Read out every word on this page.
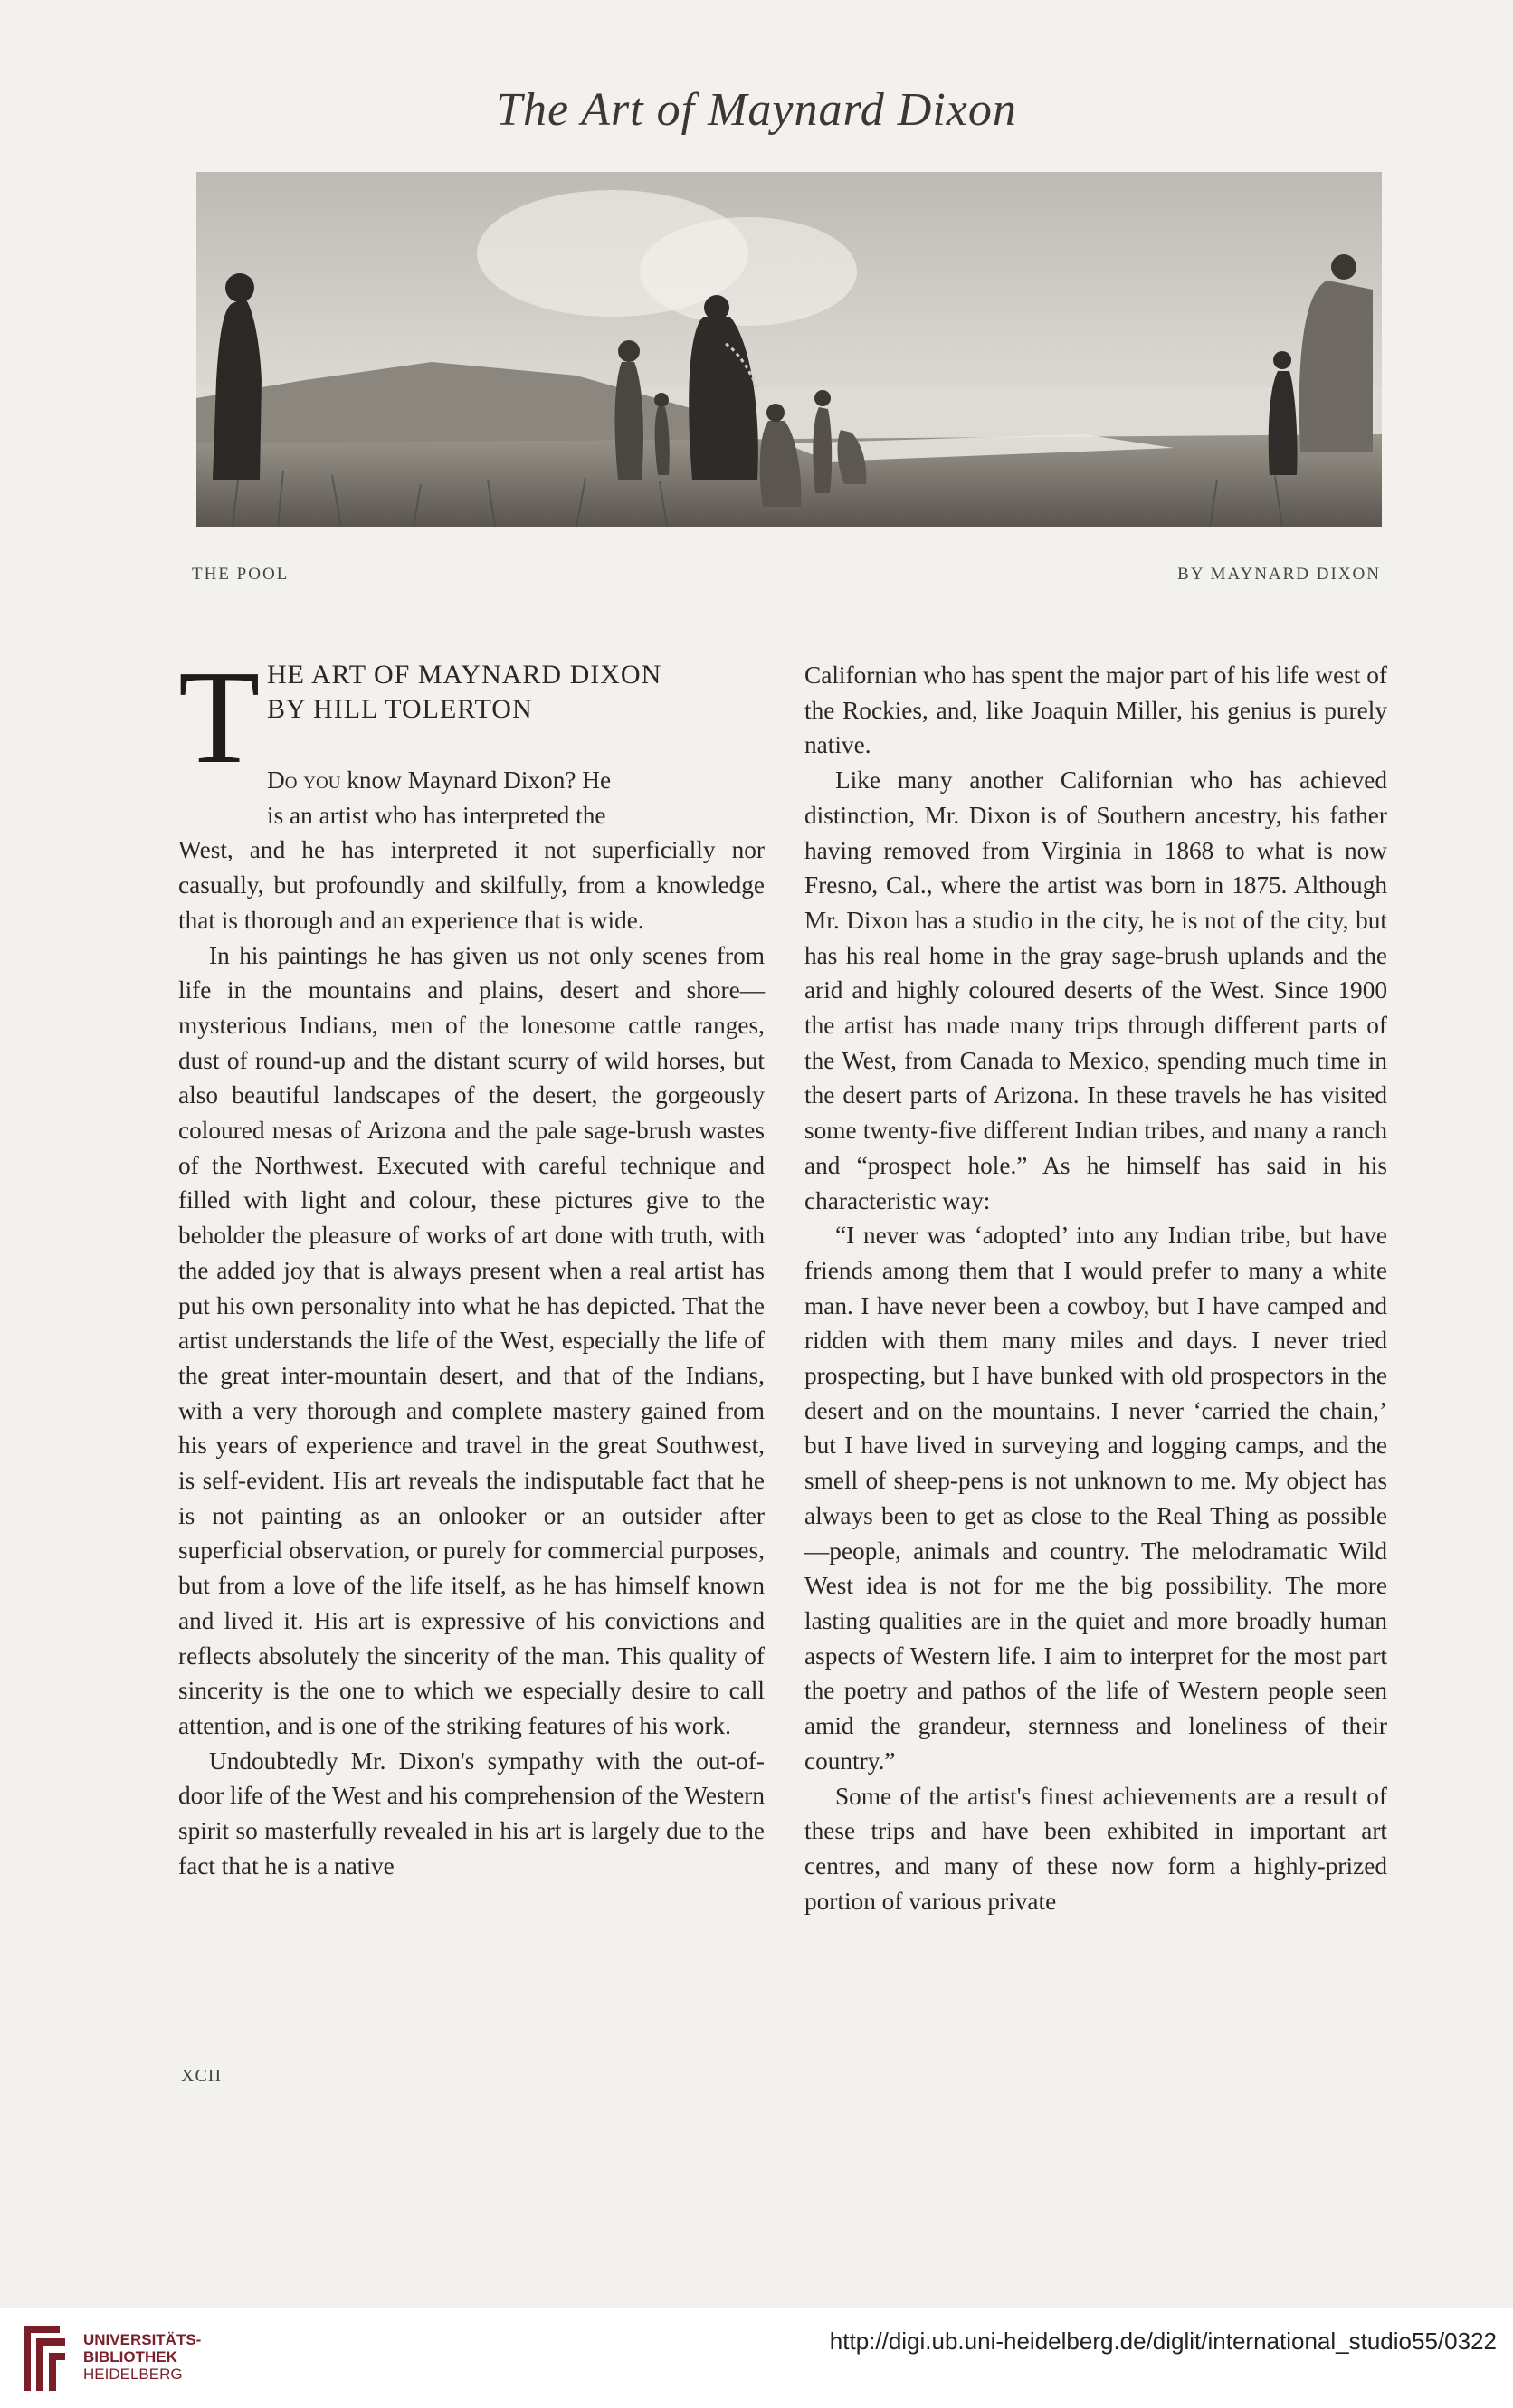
The Art of Maynard Dixon
THE POOL	BY MAYNARD DIXON
T HE ART OF MAYNARD DIXON
BY HILL TOLERTON

Do you know Maynard Dixon? He
is an artist who has interpreted the
West, and he has interpreted it not superficially nor casually, but profoundly and skilfully, from a knowledge that is thorough and an experience that is wide.

In his paintings he has given us not only scenes from life in the mountains and plains, desert and shore—mysterious Indians, men of the lonesome cattle ranges, dust of round-up and the distant scurry of wild horses, but also beautiful landscapes of the desert, the gorgeously coloured mesas of Arizona and the pale sage-brush wastes of the Northwest. Executed with careful technique and filled with light and colour, these pictures give to the beholder the pleasure of works of art done with truth, with the added joy that is always present when a real artist has put his own personality into what he has depicted. That the artist understands the life of the West, especially the life of the great inter-mountain desert, and that of the Indians, with a very thorough and complete mastery gained from his years of experience and travel in the great Southwest, is self-evident. His art reveals the indisputable fact that he is not painting as an onlooker or an outsider after superficial observation, or purely for commercial purposes, but from a love of the life itself, as he has himself known and lived it. His art is expressive of his convictions and reflects absolutely the sincerity of the man. This quality of sincerity is the one to which we especially desire to call attention, and is one of the striking features of his work.

Undoubtedly Mr. Dixon's sympathy with the out-of-door life of the West and his comprehension of the Western spirit so masterfully revealed in his art is largely due to the fact that he is a native

Californian who has spent the major part of his life west of the Rockies, and, like Joaquin Miller, his genius is purely native.

Like many another Californian who has achieved distinction, Mr. Dixon is of Southern ancestry, his father having removed from Virginia in 1868 to what is now Fresno, Cal., where the artist was born in 1875. Although Mr. Dixon has a studio in the city, he is not of the city, but has his real home in the gray sage-brush uplands and the arid and highly coloured deserts of the West. Since 1900 the artist has made many trips through different parts of the West, from Canada to Mexico, spending much time in the desert parts of Arizona. In these travels he has visited some twenty-five different Indian tribes, and many a ranch and “prospect hole.” As he himself has said in his characteristic way:

“I never was ‘adopted’ into any Indian tribe, but have friends among them that I would prefer to many a white man. I have never been a cowboy, but I have camped and ridden with them many miles and days. I never tried prospecting, but I have bunked with old prospectors in the desert and on the mountains. I never ‘carried the chain,’ but I have lived in surveying and logging camps, and the smell of sheep-pens is not unknown to me. My object has always been to get as close to the Real Thing as possible—people, animals and country. The melodramatic Wild West idea is not for me the big possibility. The more lasting qualities are in the quiet and more broadly human aspects of Western life. I aim to interpret for the most part the poetry and pathos of the life of Western people seen amid the grandeur, sternness and loneliness of their country.”

Some of the artist's finest achievements are a result of these trips and have been exhibited in important art centres, and many of these now form a highly-prized portion of various private

XCII
UNIVERSITÄTS-
BIBLIOTHEK
HEIDELBERG
http://digi.ub.uni-heidelberg.de/diglit/international_studio55/0322
